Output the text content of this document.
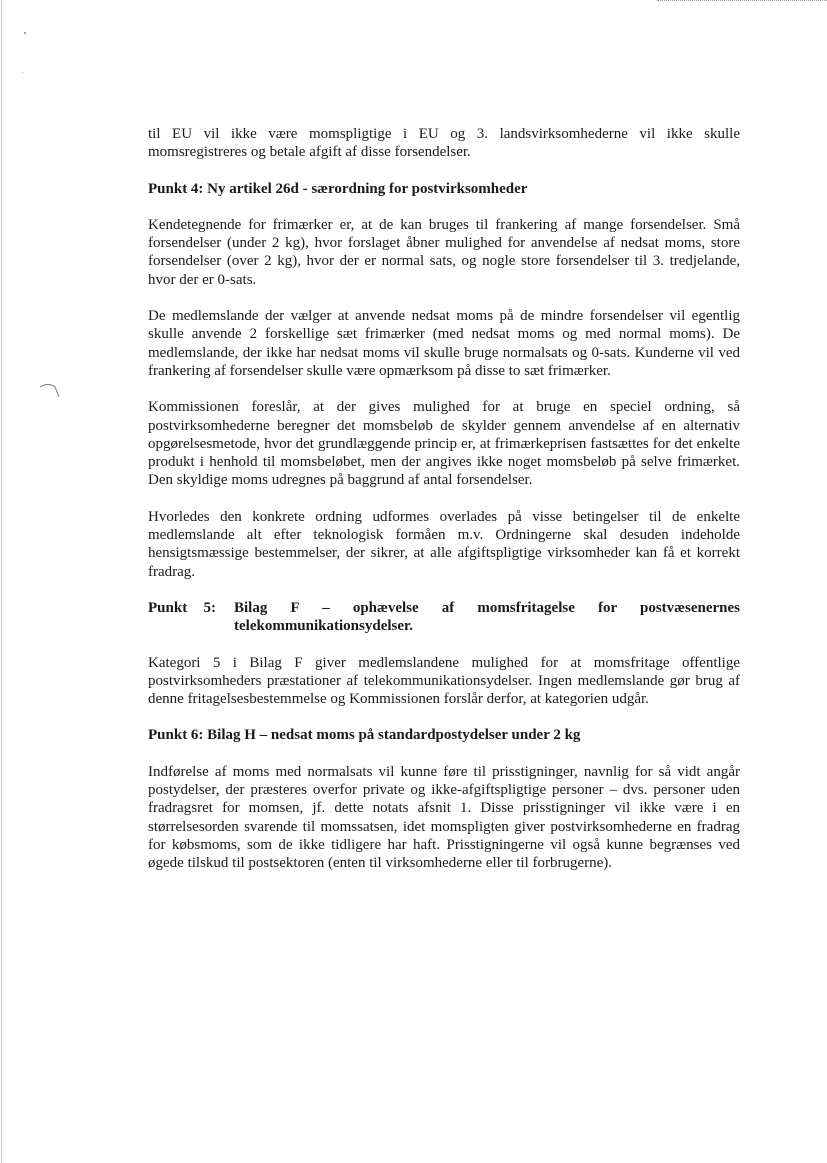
til EU vil ikke være momspligtige i EU og 3. landsvirksomhederne vil ikke skulle momsregistreres og betale afgift af disse forsendelser.

Punkt 4: Ny artikel 26d - særordning for postvirksomheder

Kendetegnende for frimærker er, at de kan bruges til frankering af mange forsendelser. Små forsendelser (under 2 kg), hvor forslaget åbner mulighed for anvendelse af nedsat moms, store forsendelser (over 2 kg), hvor der er normal sats, og nogle store forsendelser til 3. tredjelande, hvor der er 0-sats.

De medlemslande der vælger at anvende nedsat moms på de mindre forsendelser vil egentlig skulle anvende 2 forskellige sæt frimærker (med nedsat moms og med normal moms). De medlemslande, der ikke har nedsat moms vil skulle bruge normalsats og 0-sats. Kunderne vil ved frankering af forsendelser skulle være opmærksom på disse to sæt frimærker.

Kommissionen foreslår, at der gives mulighed for at bruge en speciel ordning, så postvirksomhederne beregner det momsbeløb de skylder gennem anvendelse af en alternativ opgørelsesmetode, hvor det grundlæggende princip er, at frimærkeprisen fastsættes for det enkelte produkt i henhold til momsbeløbet, men der angives ikke noget momsbeløb på selve frimærket. Den skyldige moms udregnes på baggrund af antal forsendelser.

Hvorledes den konkrete ordning udformes overlades på visse betingelser til de enkelte medlemslande alt efter teknologisk formåen m.v. Ordningerne skal desuden indeholde hensigtsmæssige bestemmelser, der sikrer, at alle afgiftspligtige virksomheder kan få et korrekt fradrag.

Punkt 5:	Bilag F – ophævelse af momsfritagelse for postvæsenernes
telekommunikationsydelser.

Kategori 5 i Bilag F giver medlemslandene mulighed for at momsfritage offentlige postvirksomheders præstationer af telekommunikationsydelser. Ingen medlemslande gør brug af denne fritagelsesbestemmelse og Kommissionen forslår derfor, at kategorien udgår.

Punkt 6: Bilag H – nedsat moms på standardpostydelser under 2 kg

Indførelse af moms med normalsats vil kunne føre til prisstigninger, navnlig for så vidt angår postydelser, der præsteres overfor private og ikke-afgiftspligtige personer – dvs. personer uden fradragsret for momsen, jf. dette notats afsnit 1. Disse prisstigninger vil ikke være i en størrelsesorden svarende til momssatsen, idet momspligten giver postvirksomhederne en fradrag for købsmoms, som de ikke tidligere har haft. Prisstigningerne vil også kunne begrænses ved øgede tilskud til postsektoren (enten til virksomhederne eller til forbrugerne).
